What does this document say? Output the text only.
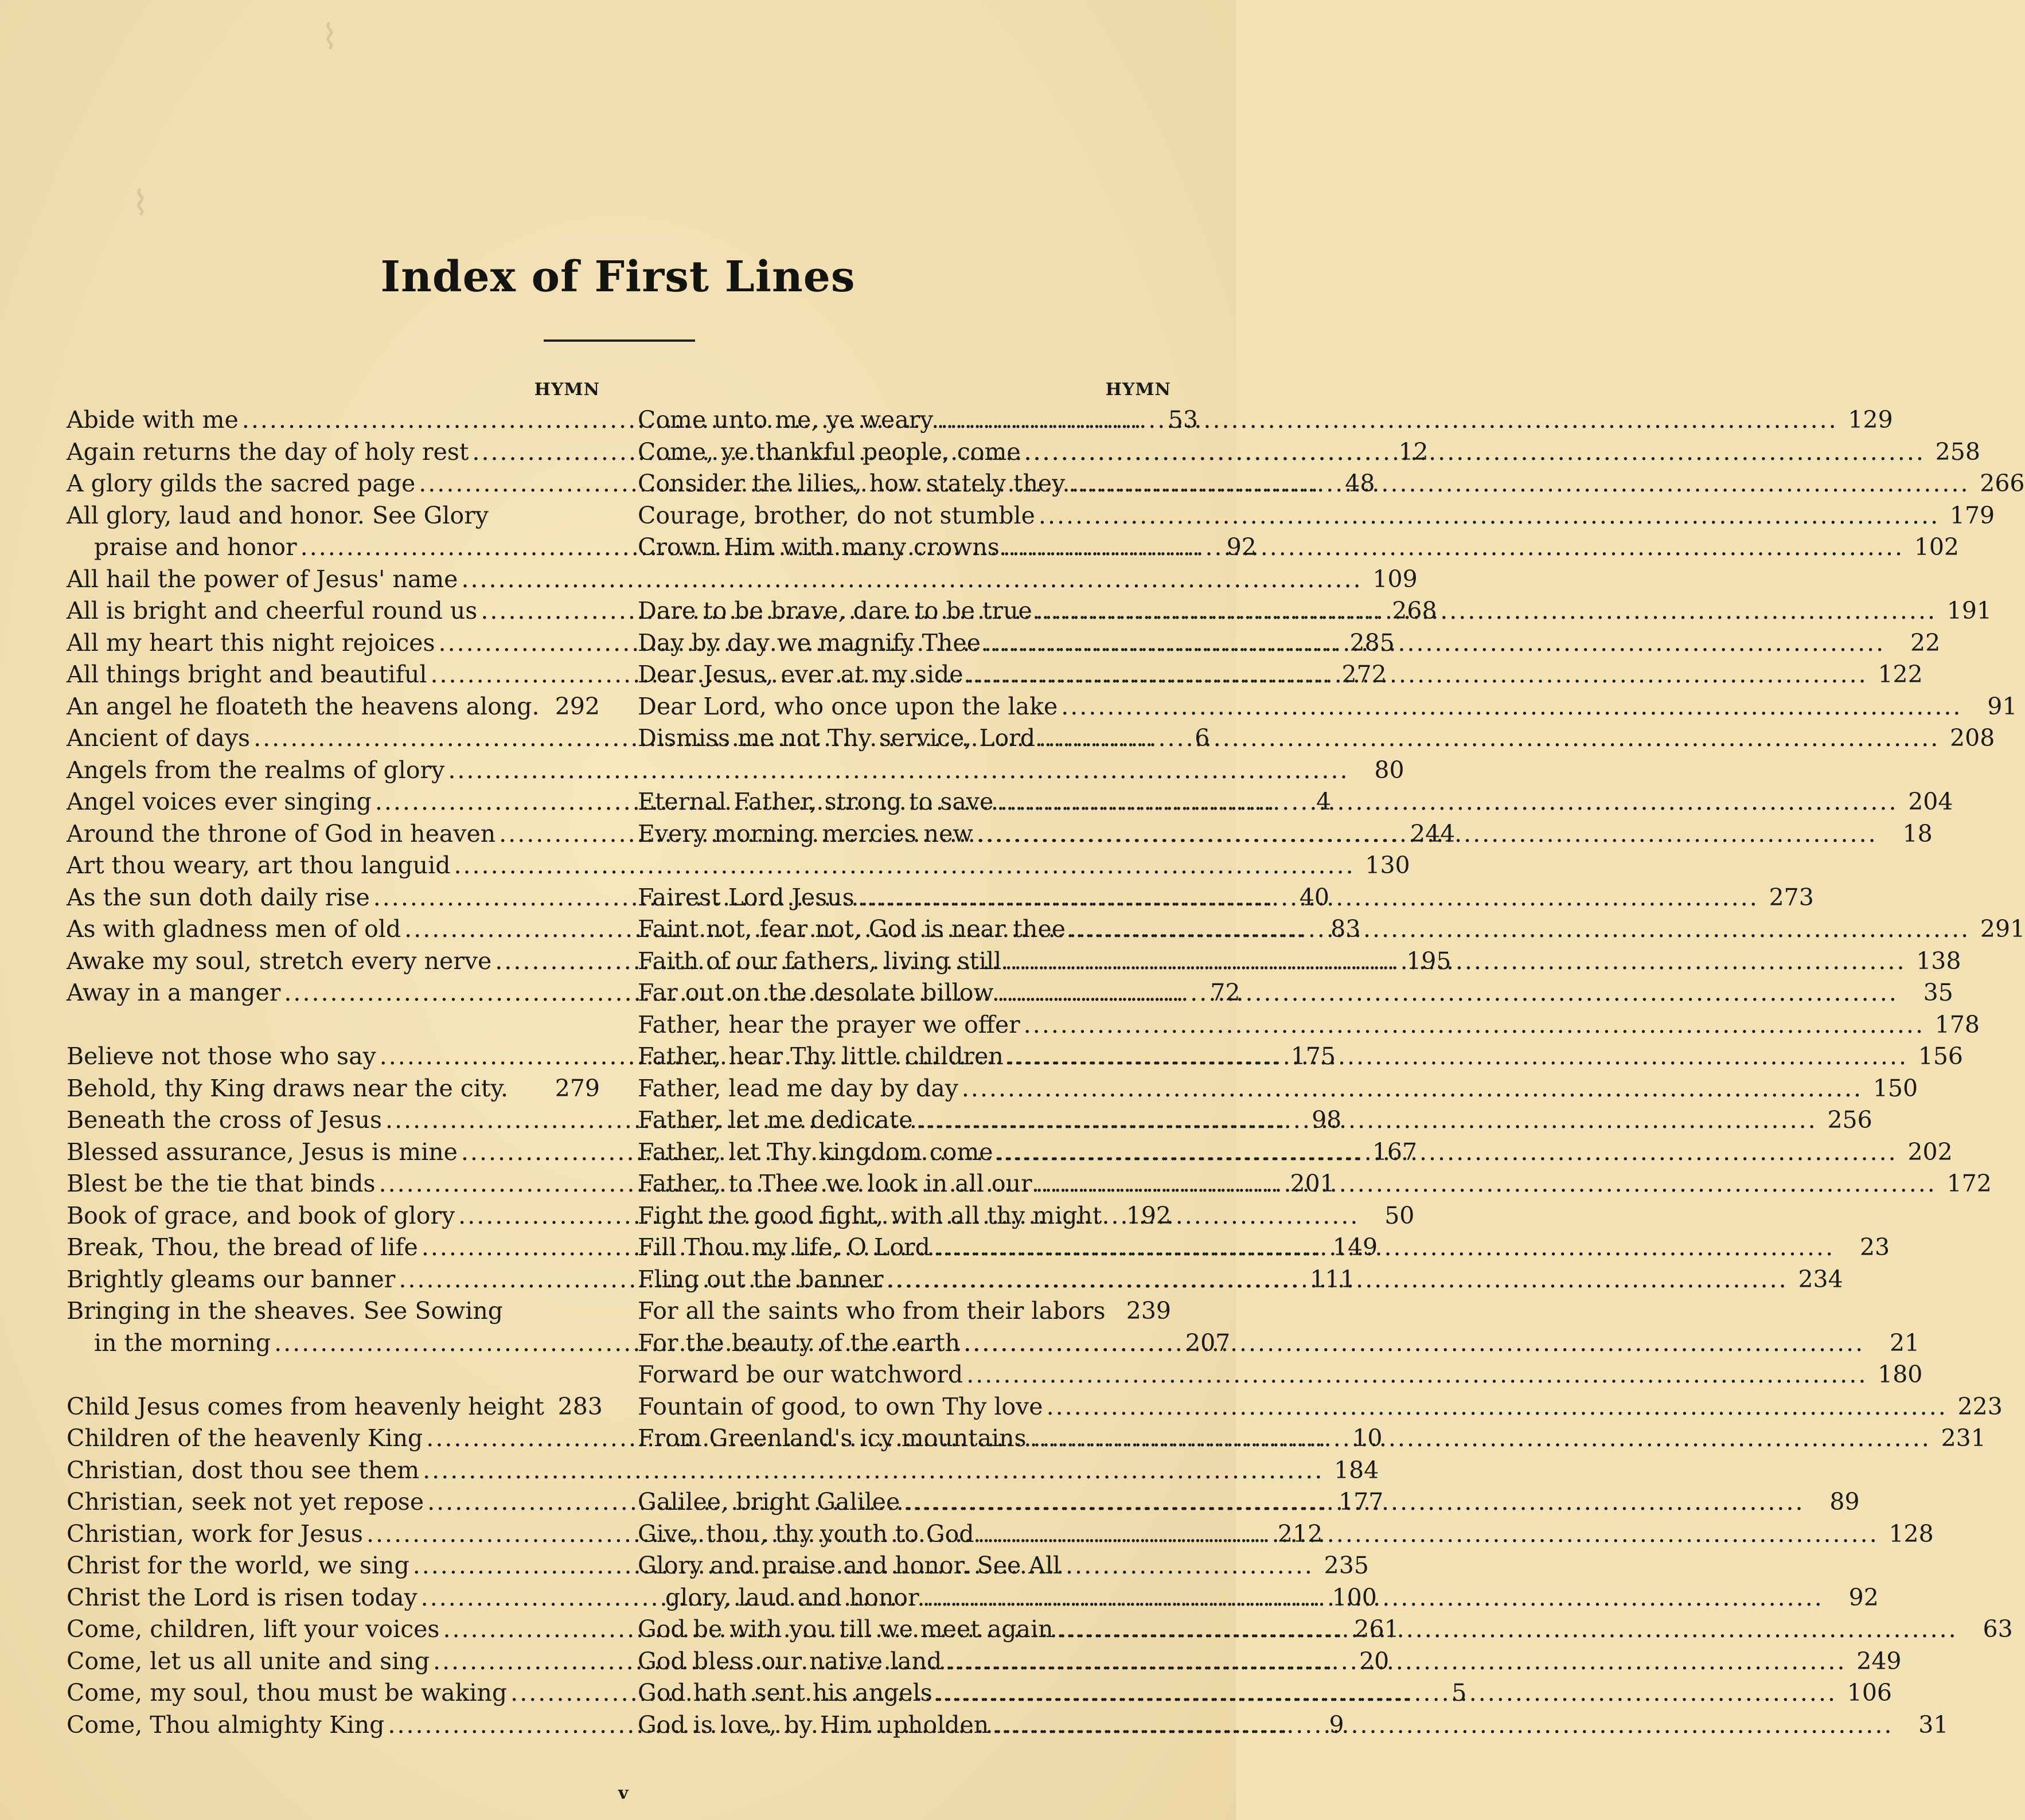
⌇
⌇
Index of First Lines
HYMN
Abide with me .....	53
Again returns the day of holy rest .....	12
A glory gilds the sacred page .....	48
All glory, laud and honor. See Glory
praise and honor .....	92
All hail the power of Jesus' name .....	109
All is bright and cheerful round us .....	268
All my heart this night rejoices .....	285
All things bright and beautiful .....	272
An angel he floateth the heavens along. 292
Ancient of days .....	6
Angels from the realms of glory .....	80
Angel voices ever singing .....	4
Around the throne of God in heaven .....	244
Art thou weary, art thou languid .....	130
As the sun doth daily rise .....	40
As with gladness men of old .....	83
Awake my soul, stretch every nerve .....	195
Away in a manger .....	72
Believe not those who say .....	175
Behold, thy King draws near the city. 279
Beneath the cross of Jesus .....	98
Blessed assurance, Jesus is mine .....	167
Blest be the tie that binds .....	201
Book of grace, and book of glory .....	50
Break, Thou, the bread of life .....	149
Brightly gleams our banner .....	111
Bringing in the sheaves. See Sowing
in the morning .....	207
Child Jesus comes from heavenly height 283
Children of the heavenly King .....	10
Christian, dost thou see them .....	184
Christian, seek not yet repose .....	177
Christian, work for Jesus .....	212
Christ for the world, we sing .....	235
Christ the Lord is risen today .....	100
Come, children, lift your voices .....	261
Come, let us all unite and sing .....	20
Come, my soul, thou must be waking .....	5
Come, Thou almighty King .....	9
HYMN
Come unto me, ye weary .....	129
Come, ye thankful people, come .....	258
Consider the lilies, how stately they .....	266
Courage, brother, do not stumble .....	179
Crown Him with many crowns .....	102
Dare to be brave, dare to be true .....	191
Day by day we magnify Thee .....	22
Dear Jesus, ever at my side .....	122
Dear Lord, who once upon the lake .....	91
Dismiss me not Thy service, Lord .....	208
Eternal Father, strong to save .....	204
Every morning mercies new .....	18
Fairest Lord Jesus .....	273
Faint not, fear not, God is near thee .....	291
Faith of our fathers, living still .....	138
Far out on the desolate billow .....	35
Father, hear the prayer we offer .....	178
Father, hear Thy little children .....	156
Father, lead me day by day .....	150
Father, let me dedicate .....	256
Father, let Thy kingdom come .....	202
Father, to Thee we look in all our .....	172
Fight the good fight, with all thy might 192
Fill Thou my life, O Lord .....	23
Fling out the banner .....	234
For all the saints who from their labors 239
For the beauty of the earth .....	21
Forward be our watchword .....	180
Fountain of good, to own Thy love .....	223
From Greenland's icy mountains .....	231
Galilee, bright Galilee .....	89
Give, thou, thy youth to God .....	128
Glory and praise and honor. See All
glory, laud and honor .....	92
God be with you till we meet again .....	63
God bless our native land .....	249
God hath sent his angels .....	106
God is love, by Him upholden .....	31
v
